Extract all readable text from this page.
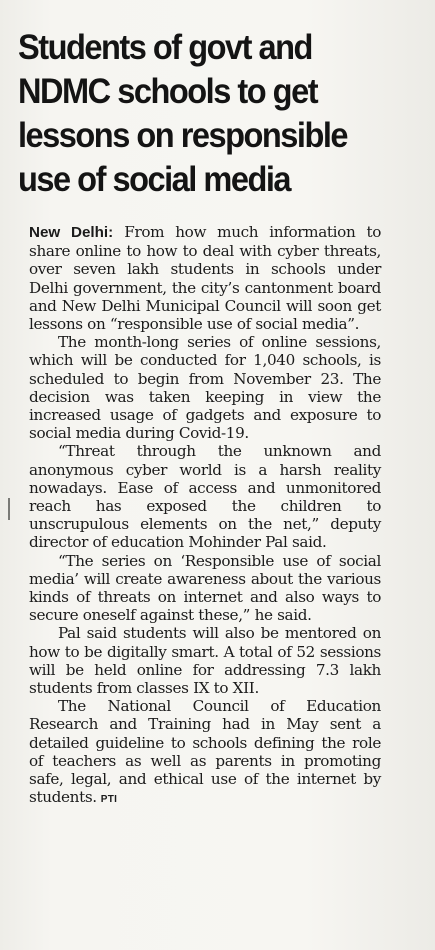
Students of govt and
NDMC schools to get
lessons on responsible
use of social media

New Delhi: From how much information to share online to how to deal with cyber threats, over seven lakh students in schools under Delhi government, the city’s cantonment board and New Delhi Municipal Council will soon get lessons on “responsible use of social media”.

The month-long series of online sessions, which will be conducted for 1,040 schools, is scheduled to begin from November 23. The decision was taken keeping in view the increased usage of gadgets and exposure to social media during Covid-19.

“Threat through the unknown and anonymous cyber world is a harsh reality nowadays. Ease of access and unmonitored reach has exposed the children to unscrupulous elements on the net,” deputy director of education Mohinder Pal said.

“The series on ‘Responsible use of social media’ will create awareness about the various kinds of threats on internet and also ways to secure oneself against these,” he said.

Pal said students will also be mentored on how to be digitally smart. A total of 52 sessions will be held online for addressing 7.3 lakh students from classes IX to XII.

The National Council of Education Research and Training had in May sent a detailed guideline to schools defining the role of teachers as well as parents in promoting safe, legal, and ethical use of the internet by students. PTI
